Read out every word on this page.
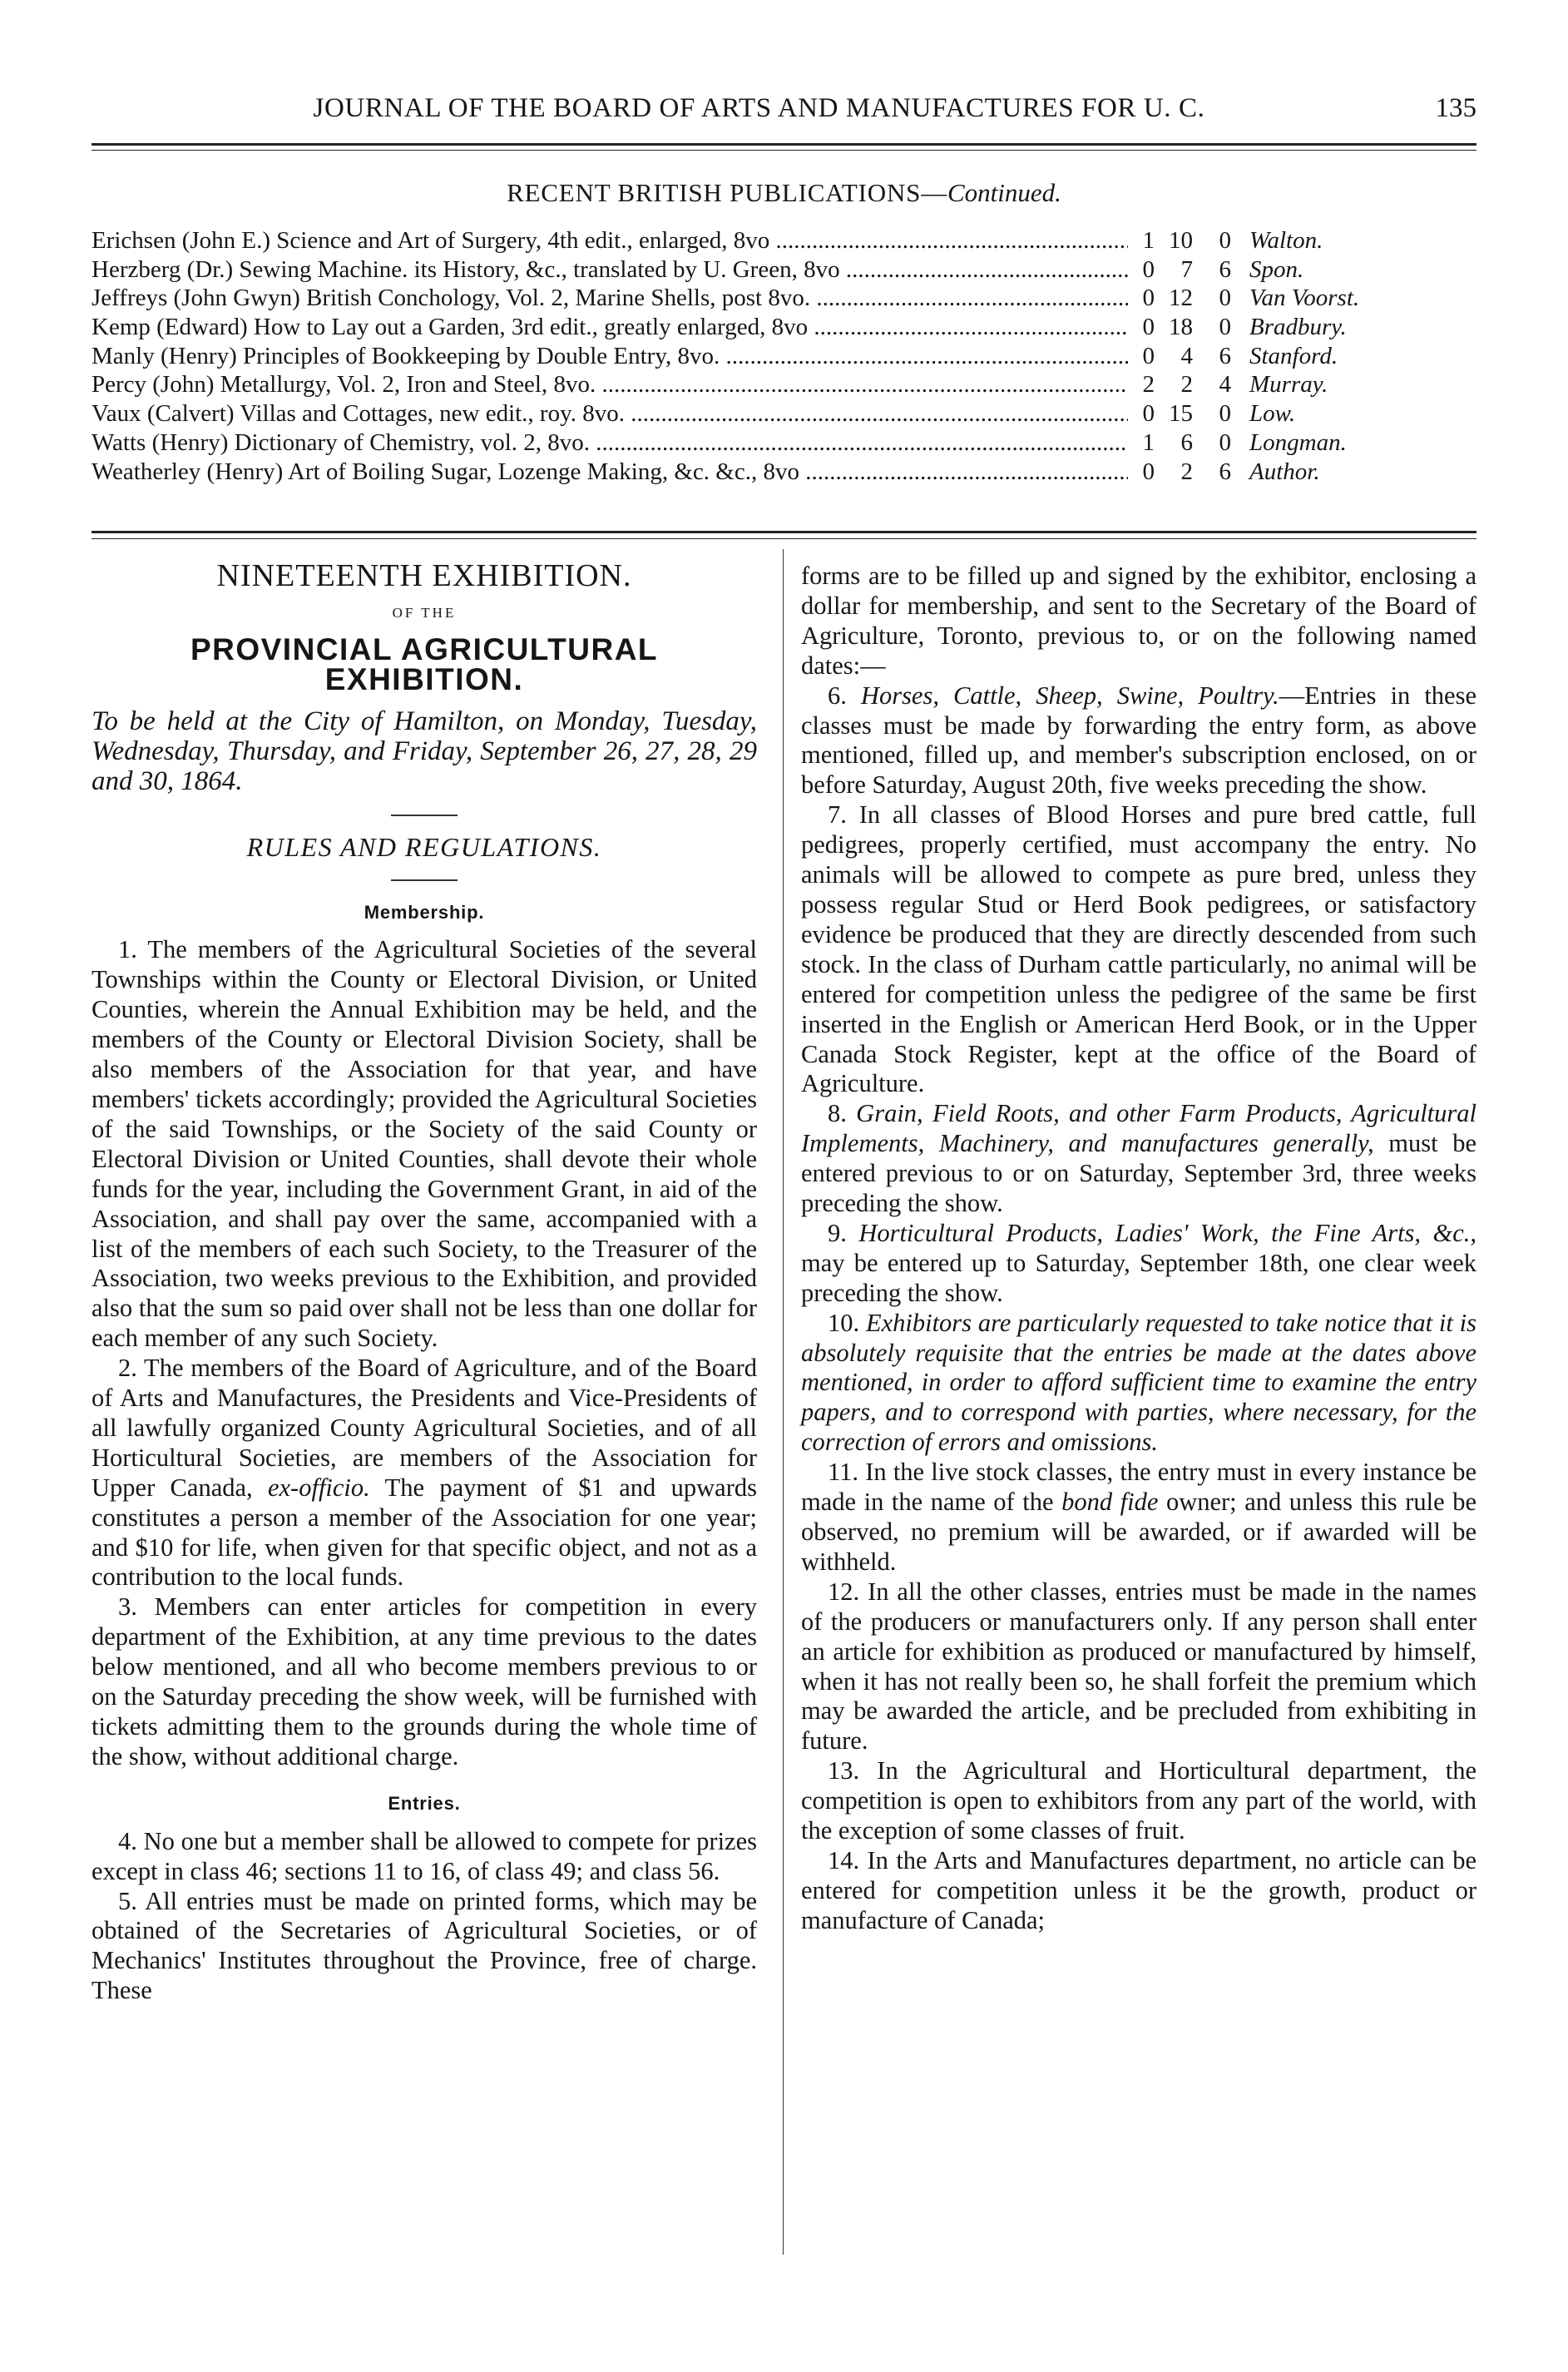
JOURNAL OF THE BOARD OF ARTS AND MANUFACTURES FOR U. C.	135
RECENT BRITISH PUBLICATIONS—Continued.
Erichsen (John E.) Science and Art of Surgery, 4th edit., enlarged, 8vo .....	1 10 0 Walton.
Herzberg (Dr.) Sewing Machine. its History, &c., translated by U. Green, 8vo .....	0 7 6 Spon.
Jeffreys (John Gwyn) British Conchology, Vol. 2, Marine Shells, post 8vo. .....	0 12 0 Van Voorst.
Kemp (Edward) How to Lay out a Garden, 3rd edit., greatly enlarged, 8vo .....	0 18 0 Bradbury.
Manly (Henry) Principles of Bookkeeping by Double Entry, 8vo. .....	0 4 6 Stanford.
Percy (John) Metallurgy, Vol. 2, Iron and Steel, 8vo. .....	2 2 4 Murray.
Vaux (Calvert) Villas and Cottages, new edit., roy. 8vo. .....	0 15 0 Low.
Watts (Henry) Dictionary of Chemistry, vol. 2, 8vo. .....	1 6 0 Longman.
Weatherley (Henry) Art of Boiling Sugar, Lozenge Making, &c. &c., 8vo .....	0 2 6 Author.
NINETEENTH EXHIBITION.
OF THE
PROVINCIAL AGRICULTURAL EXHIBITION.
To be held at the City of Hamilton, on Monday, Tuesday, Wednesday, Thursday, and Friday, September 26, 27, 28, 29 and 30, 1864.
RULES AND REGULATIONS.
Membership.

1. The members of the Agricultural Societies of the several Townships within the County or Electoral Division, or United Counties, wherein the Annual Exhibition may be held, and the members of the County or Electoral Division Society, shall be also members of the Association for that year, and have members' tickets accordingly; provided the Agricultural Societies of the said Townships, or the Society of the said County or Electoral Division or United Counties, shall devote their whole funds for the year, including the Government Grant, in aid of the Association, and shall pay over the same, accompanied with a list of the members of each such Society, to the Treasurer of the Association, two weeks previous to the Exhibition, and provided also that the sum so paid over shall not be less than one dollar for each member of any such Society.

2. The members of the Board of Agriculture, and of the Board of Arts and Manufactures, the Presidents and Vice-Presidents of all lawfully organized County Agricultural Societies, and of all Horticultural Societies, are members of the Association for Upper Canada, ex-officio. The payment of $1 and upwards constitutes a person a member of the Association for one year; and $10 for life, when given for that specific object, and not as a contribution to the local funds.

3. Members can enter articles for competition in every department of the Exhibition, at any time previous to the dates below mentioned, and all who become members previous to or on the Saturday preceding the show week, will be furnished with tickets admitting them to the grounds during the whole time of the show, without additional charge.

Entries.

4. No one but a member shall be allowed to compete for prizes except in class 46; sections 11 to 16, of class 49; and class 56.

5. All entries must be made on printed forms, which may be obtained of the Secretaries of Agricultural Societies, or of Mechanics' Institutes throughout the Province, free of charge. These

forms are to be filled up and signed by the exhibitor, enclosing a dollar for membership, and sent to the Secretary of the Board of Agriculture, Toronto, previous to, or on the following named dates:—

6. Horses, Cattle, Sheep, Swine, Poultry.—Entries in these classes must be made by forwarding the entry form, as above mentioned, filled up, and member's subscription enclosed, on or before Saturday, August 20th, five weeks preceding the show.

7. In all classes of Blood Horses and pure bred cattle, full pedigrees, properly certified, must accompany the entry. No animals will be allowed to compete as pure bred, unless they possess regular Stud or Herd Book pedigrees, or satisfactory evidence be produced that they are directly descended from such stock. In the class of Durham cattle particularly, no animal will be entered for competition unless the pedigree of the same be first inserted in the English or American Herd Book, or in the Upper Canada Stock Register, kept at the office of the Board of Agriculture.

8. Grain, Field Roots, and other Farm Products, Agricultural Implements, Machinery, and manufactures generally, must be entered previous to or on Saturday, September 3rd, three weeks preceding the show.

9. Horticultural Products, Ladies' Work, the Fine Arts, &c., may be entered up to Saturday, September 18th, one clear week preceding the show.

10. Exhibitors are particularly requested to take notice that it is absolutely requisite that the entries be made at the dates above mentioned, in order to afford sufficient time to examine the entry papers, and to correspond with parties, where necessary, for the correction of errors and omissions.

11. In the live stock classes, the entry must in every instance be made in the name of the bond fide owner; and unless this rule be observed, no premium will be awarded, or if awarded will be withheld.

12. In all the other classes, entries must be made in the names of the producers or manufacturers only. If any person shall enter an article for exhibition as produced or manufactured by himself, when it has not really been so, he shall forfeit the premium which may be awarded the article, and be precluded from exhibiting in future.

13. In the Agricultural and Horticultural department, the competition is open to exhibitors from any part of the world, with the exception of some classes of fruit.

14. In the Arts and Manufactures department, no article can be entered for competition unless it be the growth, product or manufacture of Canada;
